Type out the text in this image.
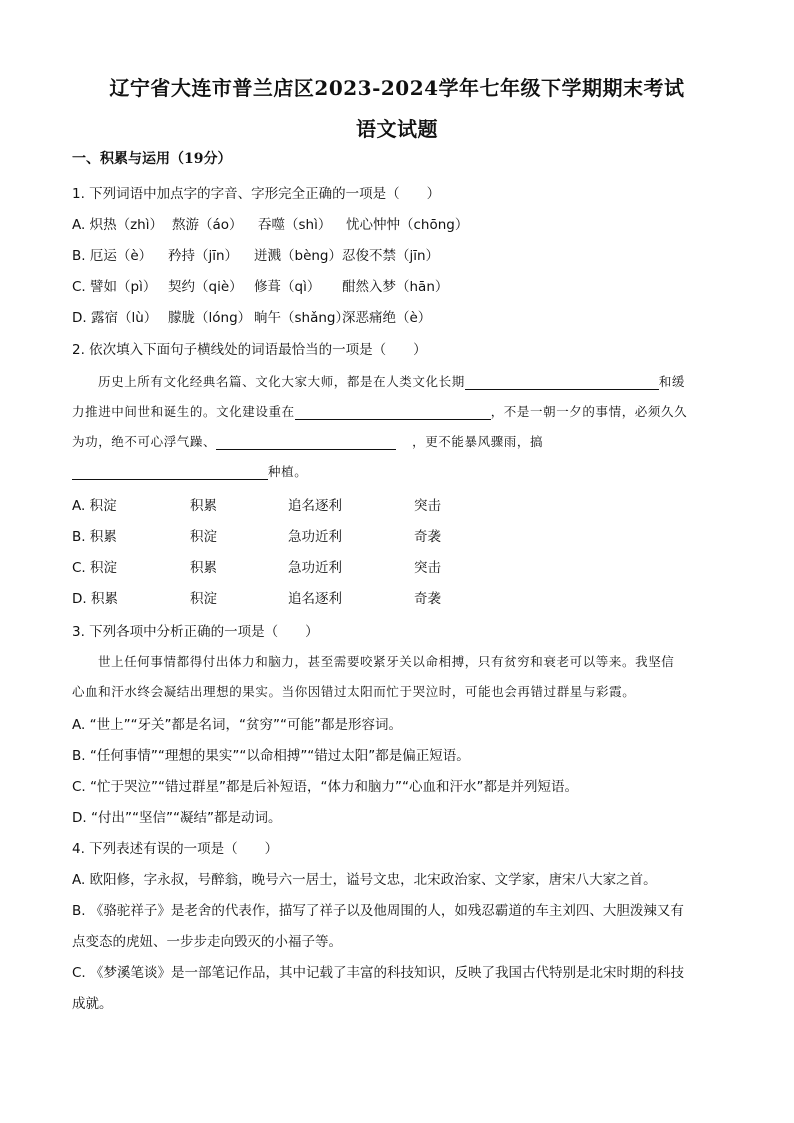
辽宁省大连市普兰店区2023-2024学年七年级下学期期末考试
语文试题
一、积累与运用（19分）
1. 下列词语中加点字的字音、字形完全正确的一项是（　　）
A. 炽热（zhì） 熬游（áo） 吞噬（shì） 忧心忡忡（chōng）
B. 厄运（è） 矜持（jīn） 迸溅（bèng） 忍俊不禁（jīn）
C. 譬如（pì） 契约（qiè） 修葺（qì） 酣然入梦（hān）
D. 露宿（lù） 朦胧（lóng） 晌午（shǎng）
深恶痛绝（è）
2. 依次填入下面句子横线处的词语最恰当的一项是（　　）
历史上所有文化经典名篇、文化大家大师，都是在人类文化长期	和缓
力推进中间世和诞生的。文化建设重在	，不是一朝一夕的事情，必须久久
为功，绝不可心浮气躁、	，更不能暴风骤雨，搞
种植。
A. 积淀	积累	追名逐利	突击
B. 积累	积淀	急功近利	奇袭
C. 积淀	积累	急功近利	突击
D. 积累	积淀	追名逐利	奇袭
3. 下列各项中分析正确的一项是（　　）
世上任何事情都得付出体力和脑力，甚至需要咬紧牙关以命相搏，只有贫穷和衰老可以等来。我坚信
心血和汗水终会凝结出理想的果实。当你因错过太阳而忙于哭泣时，可能也会再错过群星与彩霞。
A. “世上”“牙关”都是名词，“贫穷”“可能”都是形容词。
B. “任何事情”“理想的果实”“以命相搏”“错过太阳”都是偏正短语。
C. “忙于哭泣”“错过群星”都是后补短语，“体力和脑力”“心血和汗水”都是并列短语。
D. “付出”“坚信”“凝结”都是动词。
4. 下列表述有误的一项是（　　）
A. 欧阳修，字永叔，号醉翁，晚号六一居士，谥号文忠，北宋政治家、文学家，唐宋八大家之首。
B. 《骆驼祥子》是老舍的代表作，描写了祥子以及他周围的人，如残忍霸道的车主刘四、大胆泼辣又有
点变态的虎妞、一步步走向毁灭的小福子等。
C. 《梦溪笔谈》是一部笔记作品，其中记载了丰富的科技知识，反映了我国古代特别是北宋时期的科技
成就。
